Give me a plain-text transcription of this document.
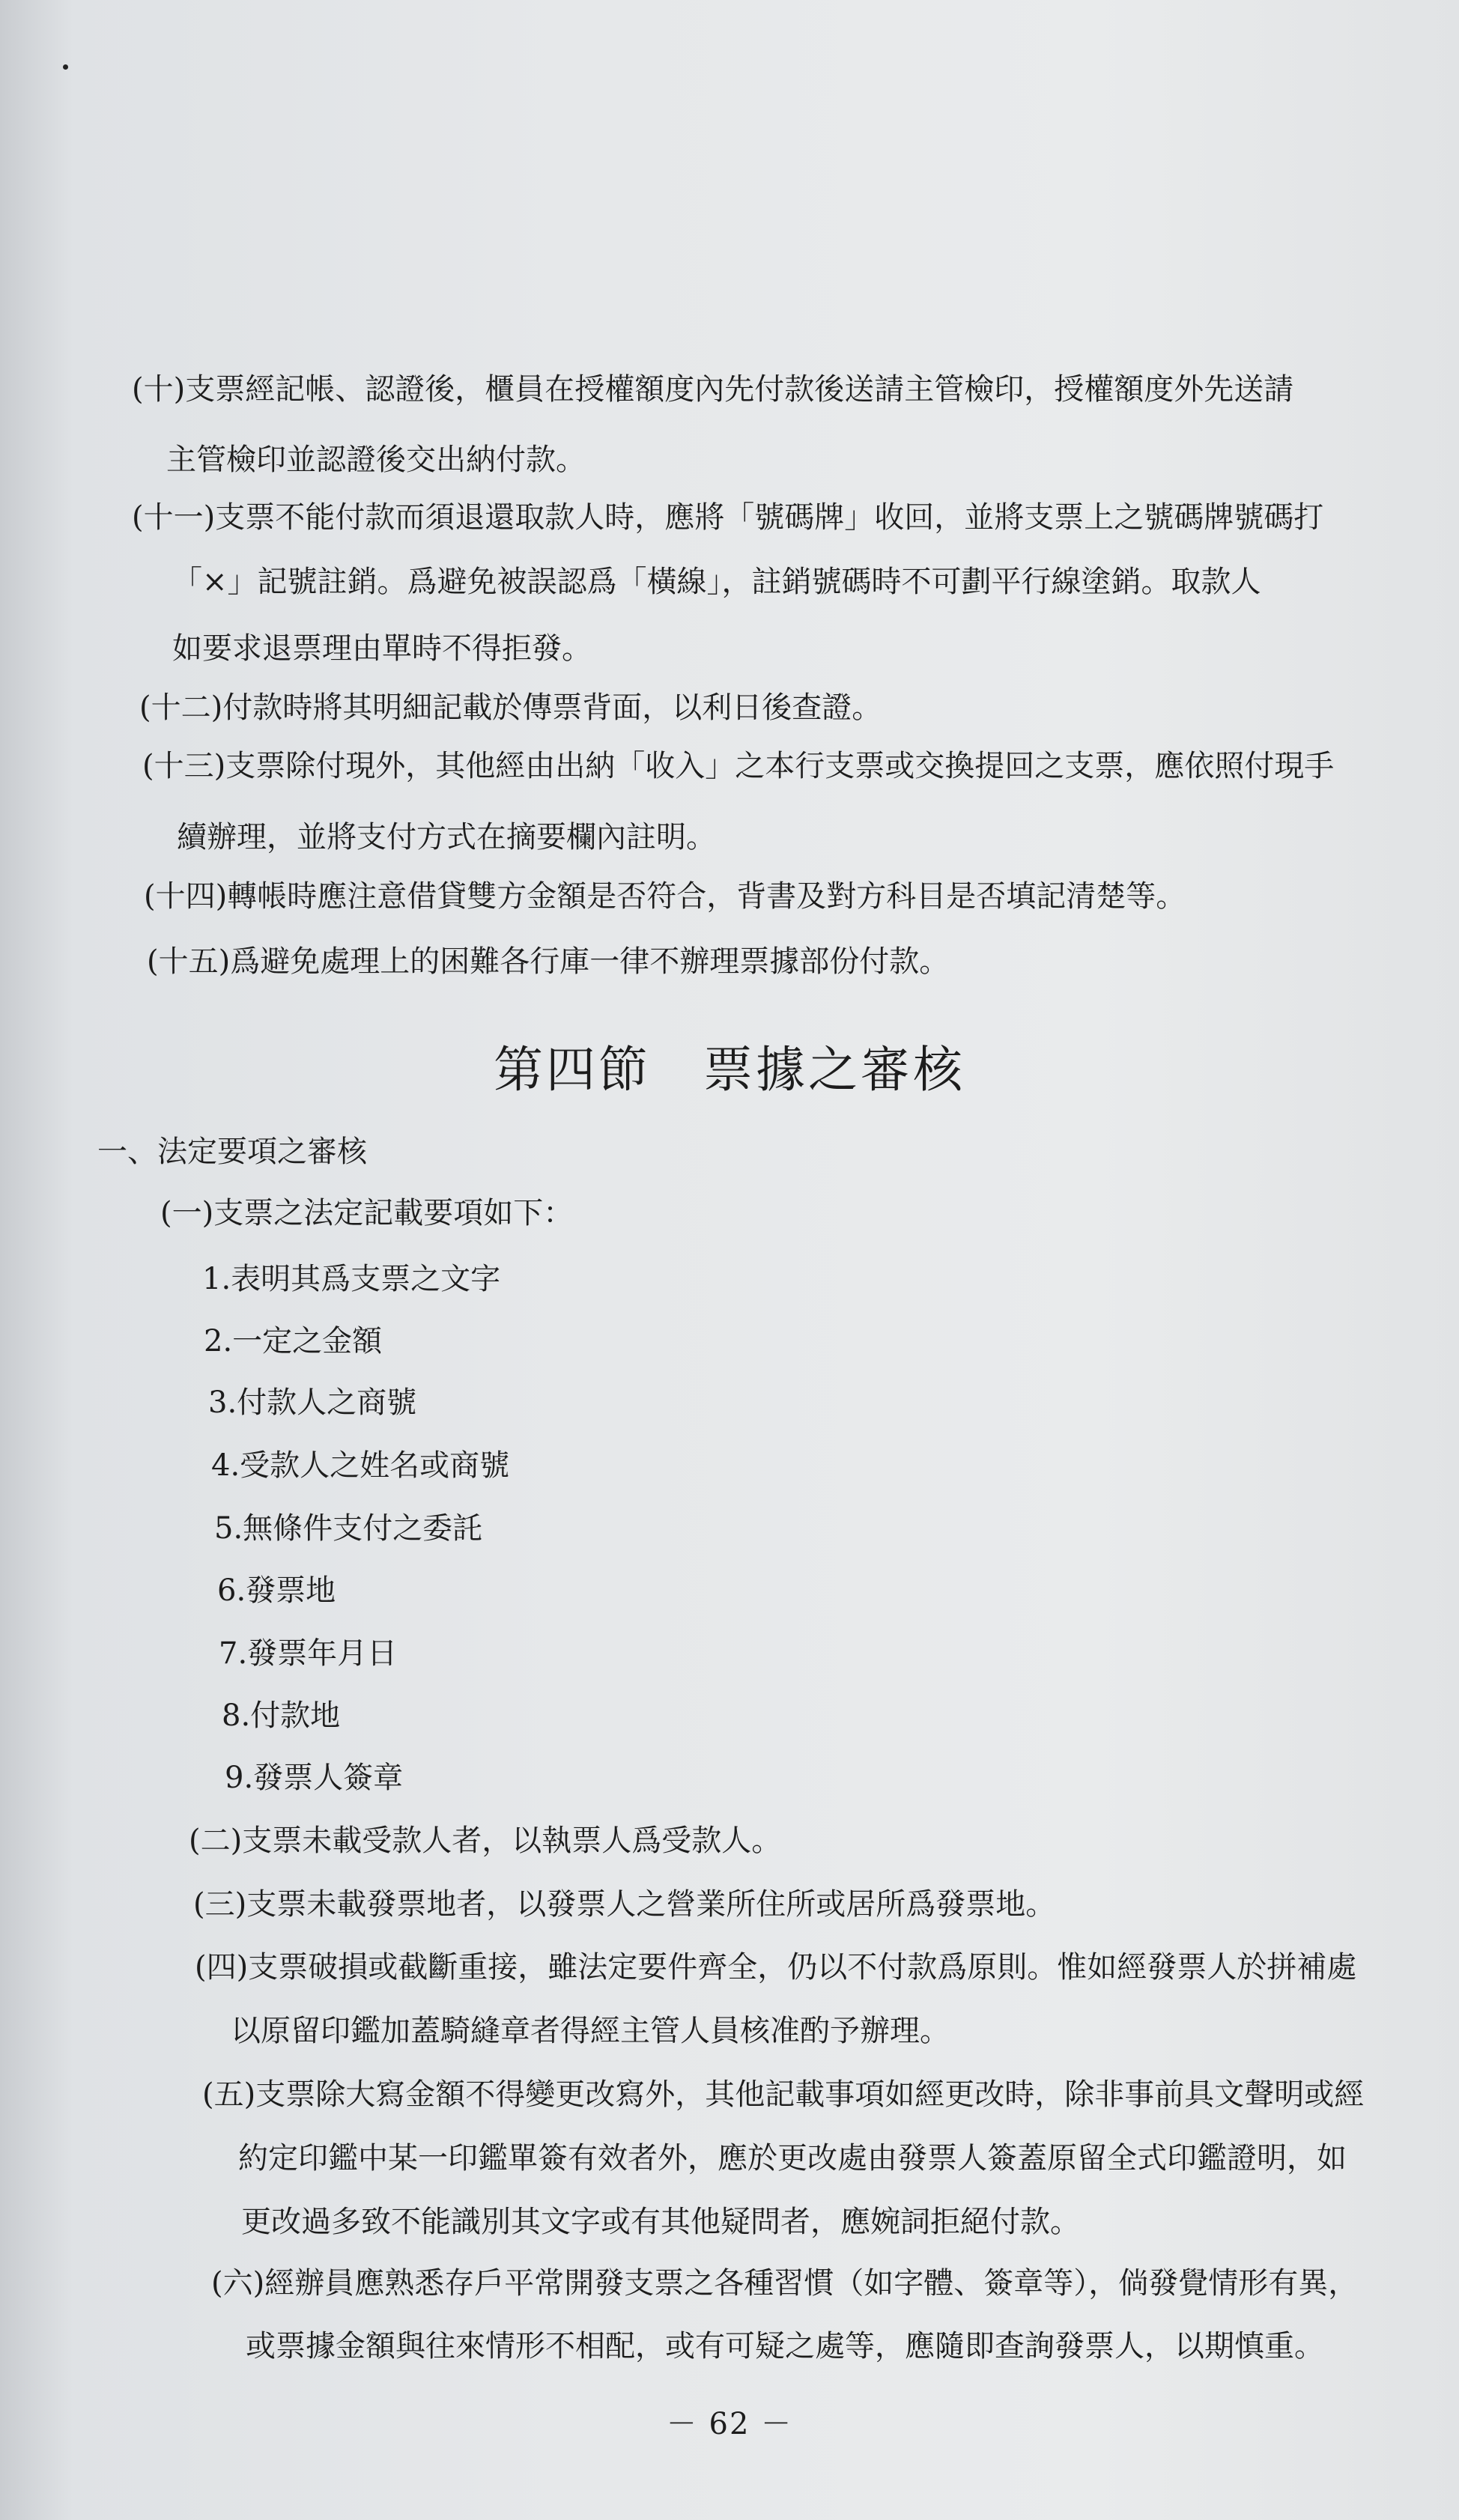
(十)支票經記帳、認證後，櫃員在授權額度內先付款後送請主管檢印，授權額度外先送請
主管檢印並認證後交出納付款。
(十一)支票不能付款而須退還取款人時，應將「號碼牌」收回，並將支票上之號碼牌號碼打
「×」記號註銷。爲避免被誤認爲「橫線」，註銷號碼時不可劃平行線塗銷。取款人
如要求退票理由單時不得拒發。
(十二)付款時將其明細記載於傳票背面，以利日後查證。
(十三)支票除付現外，其他經由出納「收入」之本行支票或交換提回之支票，應依照付現手
續辦理，並將支付方式在摘要欄內註明。
(十四)轉帳時應注意借貸雙方金額是否符合，背書及對方科目是否填記清楚等。
(十五)爲避免處理上的困難各行庫一律不辦理票據部份付款。
第四節　票據之審核
一、法定要項之審核
(一)支票之法定記載要項如下：
1.表明其爲支票之文字
2.一定之金額
3.付款人之商號
4.受款人之姓名或商號
5.無條件支付之委託
6.發票地
7.發票年月日
8.付款地
9.發票人簽章
(二)支票未載受款人者，以執票人爲受款人。
(三)支票未載發票地者，以發票人之營業所住所或居所爲發票地。
(四)支票破損或截斷重接，雖法定要件齊全，仍以不付款爲原則。惟如經發票人於拼補處
以原留印鑑加蓋騎縫章者得經主管人員核准酌予辦理。
(五)支票除大寫金額不得變更改寫外，其他記載事項如經更改時，除非事前具文聲明或經
約定印鑑中某一印鑑單簽有效者外，應於更改處由發票人簽蓋原留全式印鑑證明，如
更改過多致不能識別其文字或有其他疑問者，應婉詞拒絕付款。
(六)經辦員應熟悉存戶平常開發支票之各種習慣（如字體、簽章等），倘發覺情形有異，
或票據金額與往來情形不相配，或有可疑之處等，應隨即查詢發票人，以期慎重。
－ 62 －
